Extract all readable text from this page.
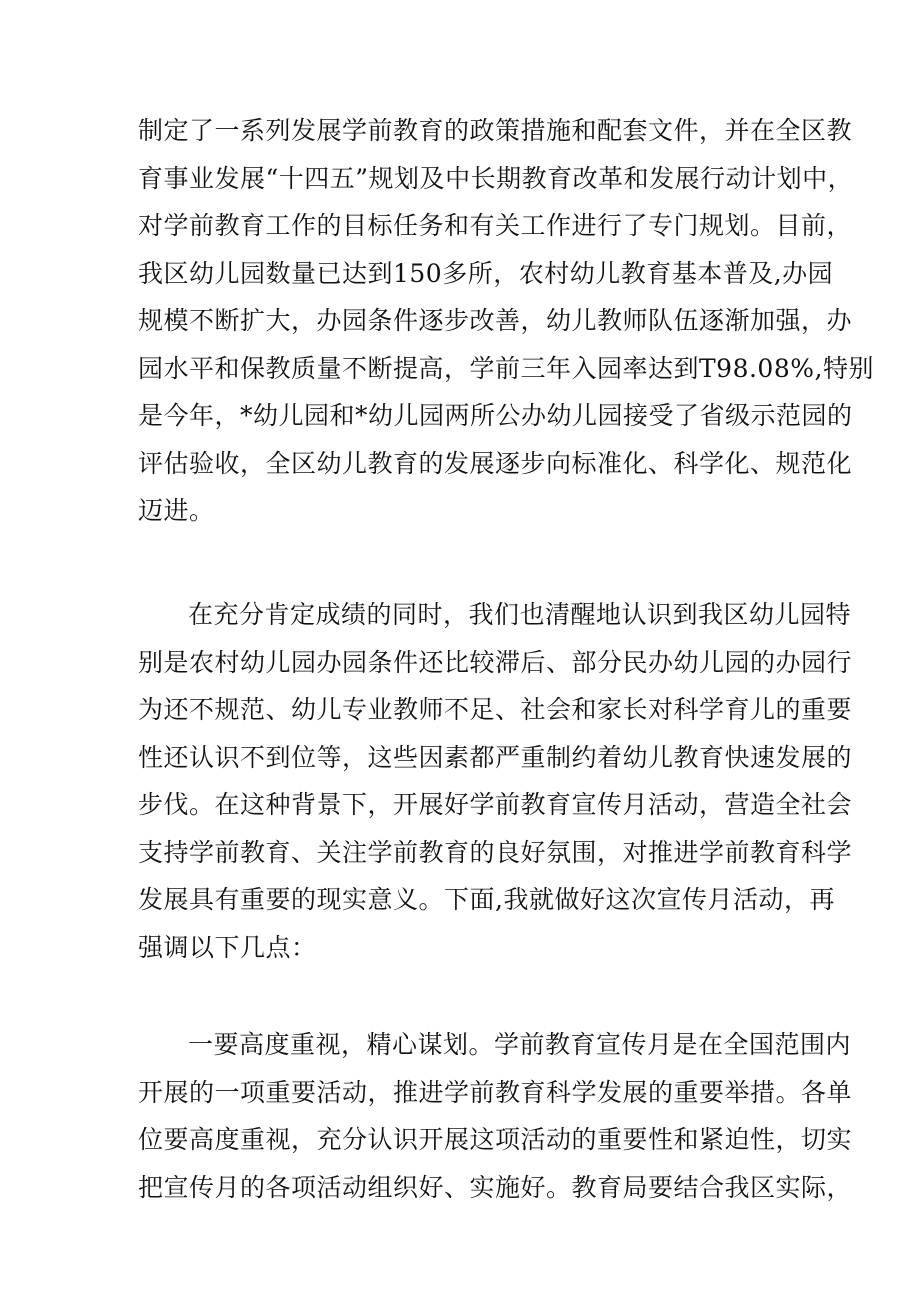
制定了一系列发展学前教育的政策措施和配套文件，并在全区教
育事业发展“十四五”规划及中长期教育改革和发展行动计划中，
对学前教育工作的目标任务和有关工作进行了专门规划。目前，
我区幼儿园数量已达到150多所，农村幼儿教育基本普及,办园
规模不断扩大，办园条件逐步改善，幼儿教师队伍逐渐加强，办
园水平和保教质量不断提高，学前三年入园率达到T98.08%,特别
是今年，*幼儿园和*幼儿园两所公办幼儿园接受了省级示范园的
评估验收，全区幼儿教育的发展逐步向标准化、科学化、规范化
迈进。
在充分肯定成绩的同时，我们也清醒地认识到我区幼儿园特
别是农村幼儿园办园条件还比较滞后、部分民办幼儿园的办园行
为还不规范、幼儿专业教师不足、社会和家长对科学育儿的重要
性还认识不到位等，这些因素都严重制约着幼儿教育快速发展的
步伐。在这种背景下，开展好学前教育宣传月活动，营造全社会
支持学前教育、关注学前教育的良好氛围，对推进学前教育科学
发展具有重要的现实意义。下面,我就做好这次宣传月活动，再
强调以下几点：
一要高度重视，精心谋划。学前教育宣传月是在全国范围内
开展的一项重要活动，推进学前教育科学发展的重要举措。各单
位要高度重视，充分认识开展这项活动的重要性和紧迫性，切实
把宣传月的各项活动组织好、实施好。教育局要结合我区实际，
